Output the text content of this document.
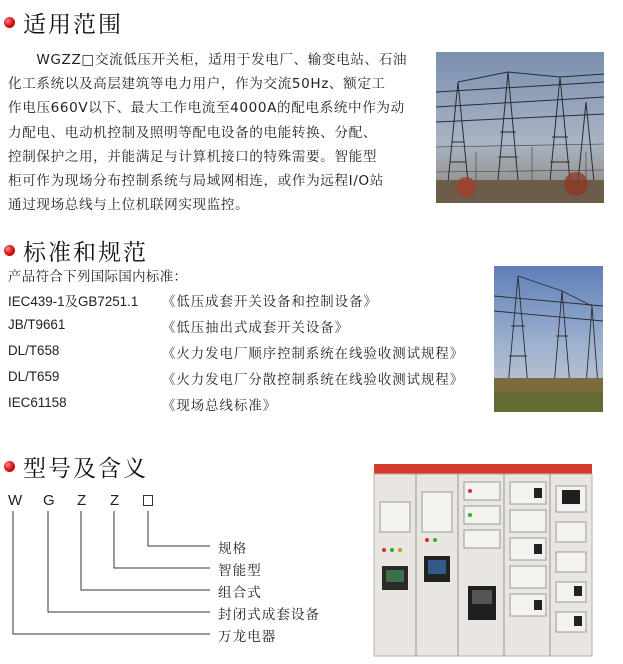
适用范围
　　WGZZ□交流低压开关柜，适用于发电厂、输变电站、石油
化工系统以及高层建筑等电力用户，作为交流50Hz、额定工
作电压660V以下、最大工作电流至4000A的配电系统中作为动
力配电、电动机控制及照明等配电设备的电能转换、分配、
控制保护之用，并能满足与计算机接口的特殊需要。智能型
柜可作为现场分布控制系统与局域网相连，或作为远程I/O站
通过现场总线与上位机联网实现监控。
标准和规范
产品符合下列国际国内标准：
IEC439-1及GB7251.1 《低压成套开关设备和控制设备》
JB/T9661	《低压抽出式成套开关设备》
DL/T658	《火力发电厂顺序控制系统在线验收测试规程》
DL/T659	《火力发电厂分散控制系统在线验收测试规程》
IEC61158	《现场总线标准》
型号及含义
W G Z Z
规格
智能型
组合式
封闭式成套设备
万龙电器
